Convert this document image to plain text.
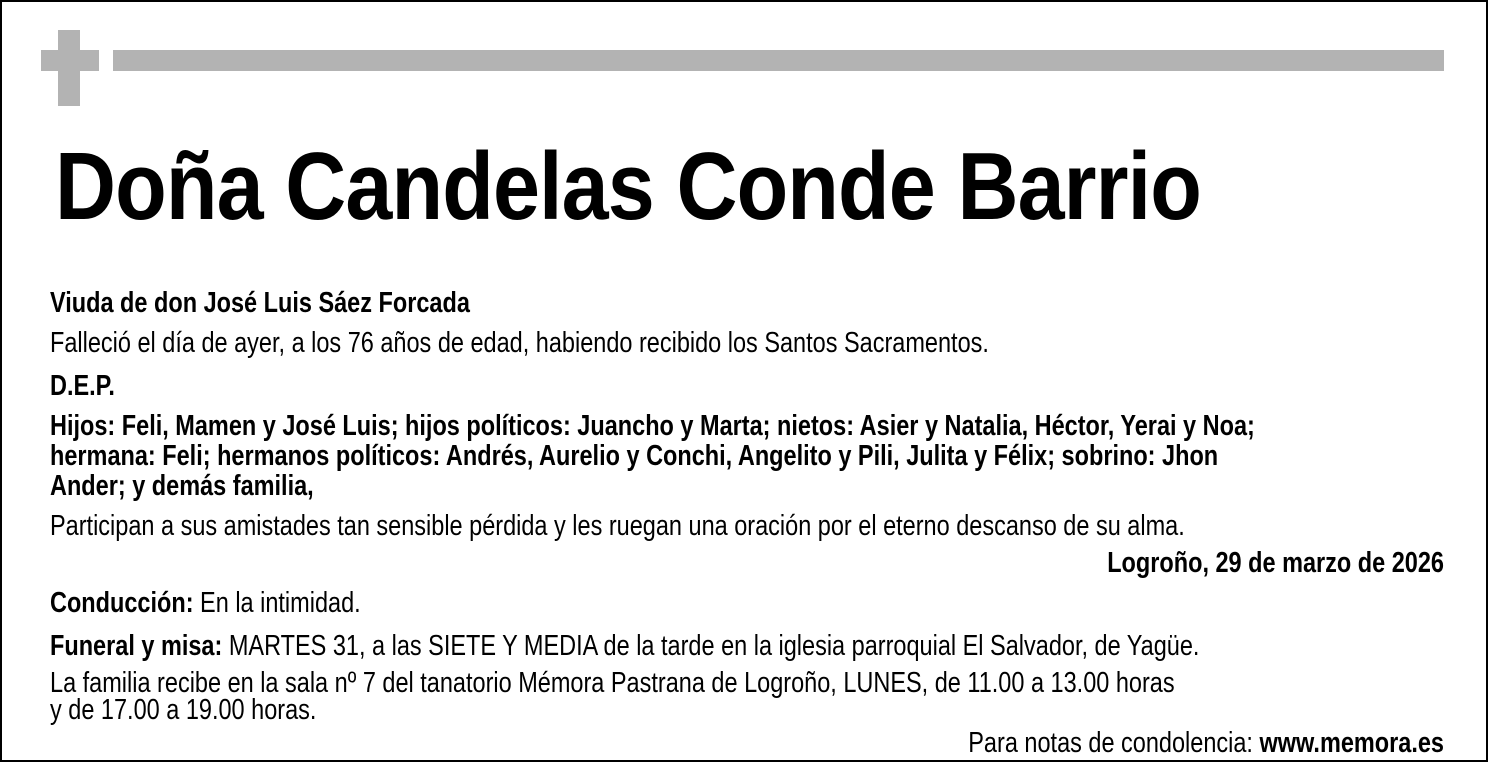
Doña Candelas Conde Barrio
Viuda de don José Luis Sáez Forcada
Falleció el día de ayer, a los 76 años de edad, habiendo recibido los Santos Sacramentos.
D.E.P.
Hijos: Feli, Mamen y José Luis; hijos políticos: Juancho y Marta; nietos: Asier y Natalia, Héctor, Yerai y Noa;
hermana: Feli; hermanos políticos: Andrés, Aurelio y Conchi, Angelito y Pili, Julita y Félix; sobrino: Jhon
Ander; y demás familia,
Participan a sus amistades tan sensible pérdida y les ruegan una oración por el eterno descanso de su alma.
Logroño, 29 de marzo de 2026
Conducción: En la intimidad.
Funeral y misa: MARTES 31, a las SIETE Y MEDIA de la tarde en la iglesia parroquial El Salvador, de Yagüe.
La familia recibe en la sala nº 7 del tanatorio Mémora Pastrana de Logroño, LUNES, de 11.00 a 13.00 horas
y de 17.00 a 19.00 horas.
Para notas de condolencia: www.memora.es
